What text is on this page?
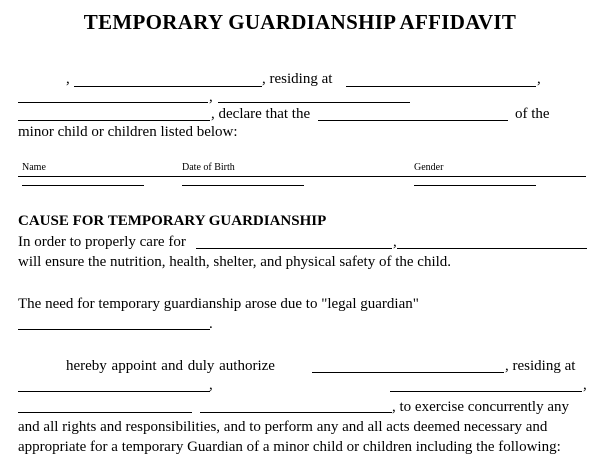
TEMPORARY GUARDIANSHIP AFFIDAVIT
,	, residing at	,
,
, declare that the	of the
minor child or children listed below:
Name	Date of Birth	Gender
CAUSE FOR TEMPORARY GUARDIANSHIP
In order to properly care for	,
will ensure the nutrition, health, shelter, and physical safety of the child.
The need for temporary guardianship arose due to "legal guardian"
.
hereby appoint and duly authorize	, residing at
,	,
, to exercise concurrently any
and all rights and responsibilities, and to perform any and all acts deemed necessary and
appropriate for a temporary Guardian of a minor child or children including the following:
